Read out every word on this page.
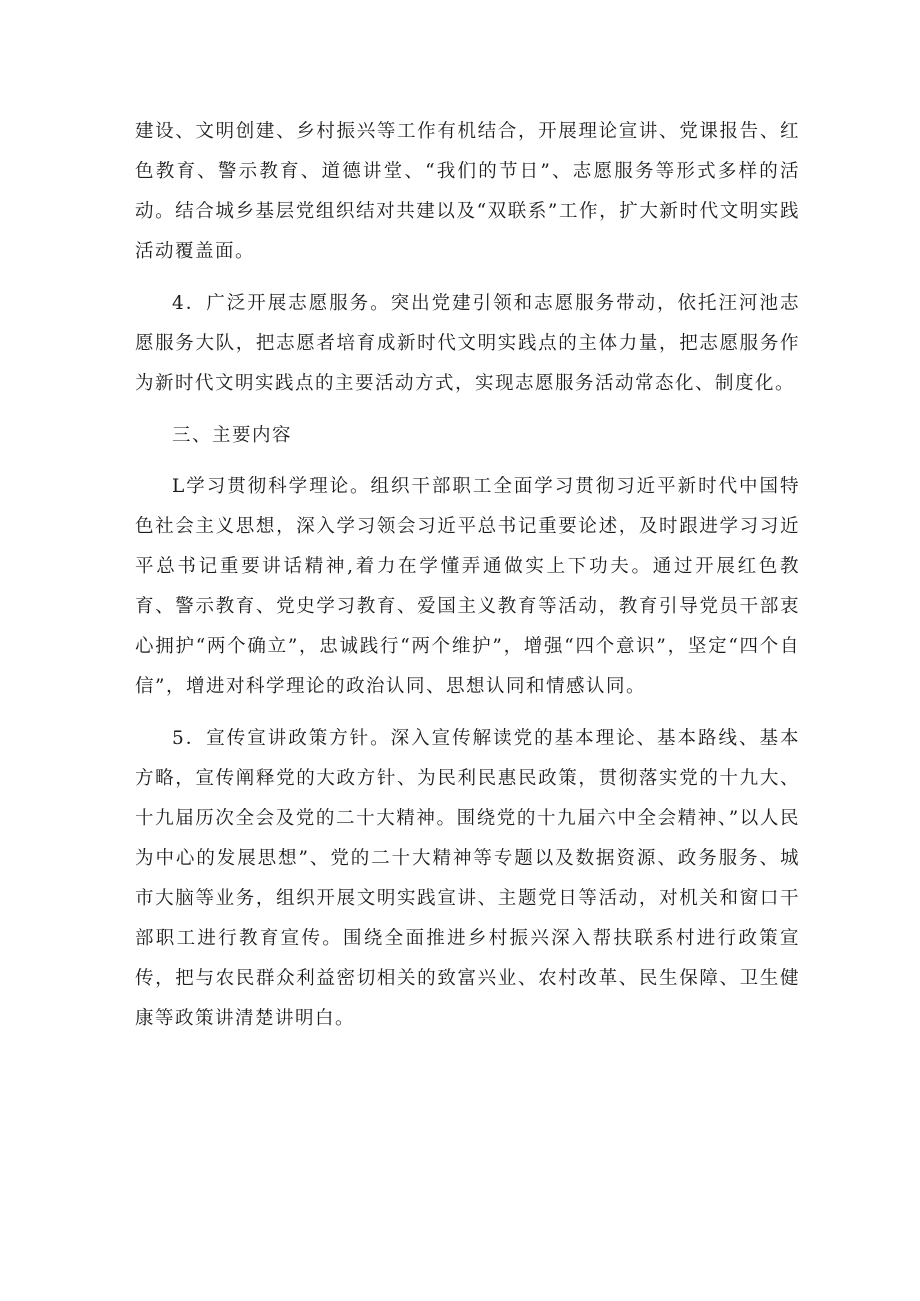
建设、文明创建、乡村振兴等工作有机结合，开展理论宣讲、党课报告、红色教育、警示教育、道德讲堂、“我们的节日”、志愿服务等形式多样的活动。结合城乡基层党组织结对共建以及“双联系”工作，扩大新时代文明实践活动覆盖面。

4．广泛开展志愿服务。突出党建引领和志愿服务带动，依托汪河池志愿服务大队，把志愿者培育成新时代文明实践点的主体力量，把志愿服务作为新时代文明实践点的主要活动方式，实现志愿服务活动常态化、制度化。

三、主要内容

L学习贯彻科学理论。组织干部职工全面学习贯彻习近平新时代中国特色社会主义思想，深入学习领会习近平总书记重要论述，及时跟进学习习近平总书记重要讲话精神,着力在学懂弄通做实上下功夫。通过开展红色教育、警示教育、党史学习教育、爱国主义教育等活动，教育引导党员干部衷心拥护“两个确立”，忠诚践行“两个维护”，增强“四个意识”，坚定“四个自信”，增进对科学理论的政治认同、思想认同和情感认同。

5．宣传宣讲政策方针。深入宣传解读党的基本理论、基本路线、基本方略，宣传阐释党的大政方针、为民利民惠民政策，贯彻落实党的十九大、十九届历次全会及党的二十大精神。围绕党的十九届六中全会精神、”以人民为中心的发展思想”、党的二十大精神等专题以及数据资源、政务服务、城市大脑等业务，组织开展文明实践宣讲、主题党日等活动，对机关和窗口干部职工进行教育宣传。围绕全面推进乡村振兴深入帮扶联系村进行政策宣传，把与农民群众利益密切相关的致富兴业、农村改革、民生保障、卫生健康等政策讲清楚讲明白。
